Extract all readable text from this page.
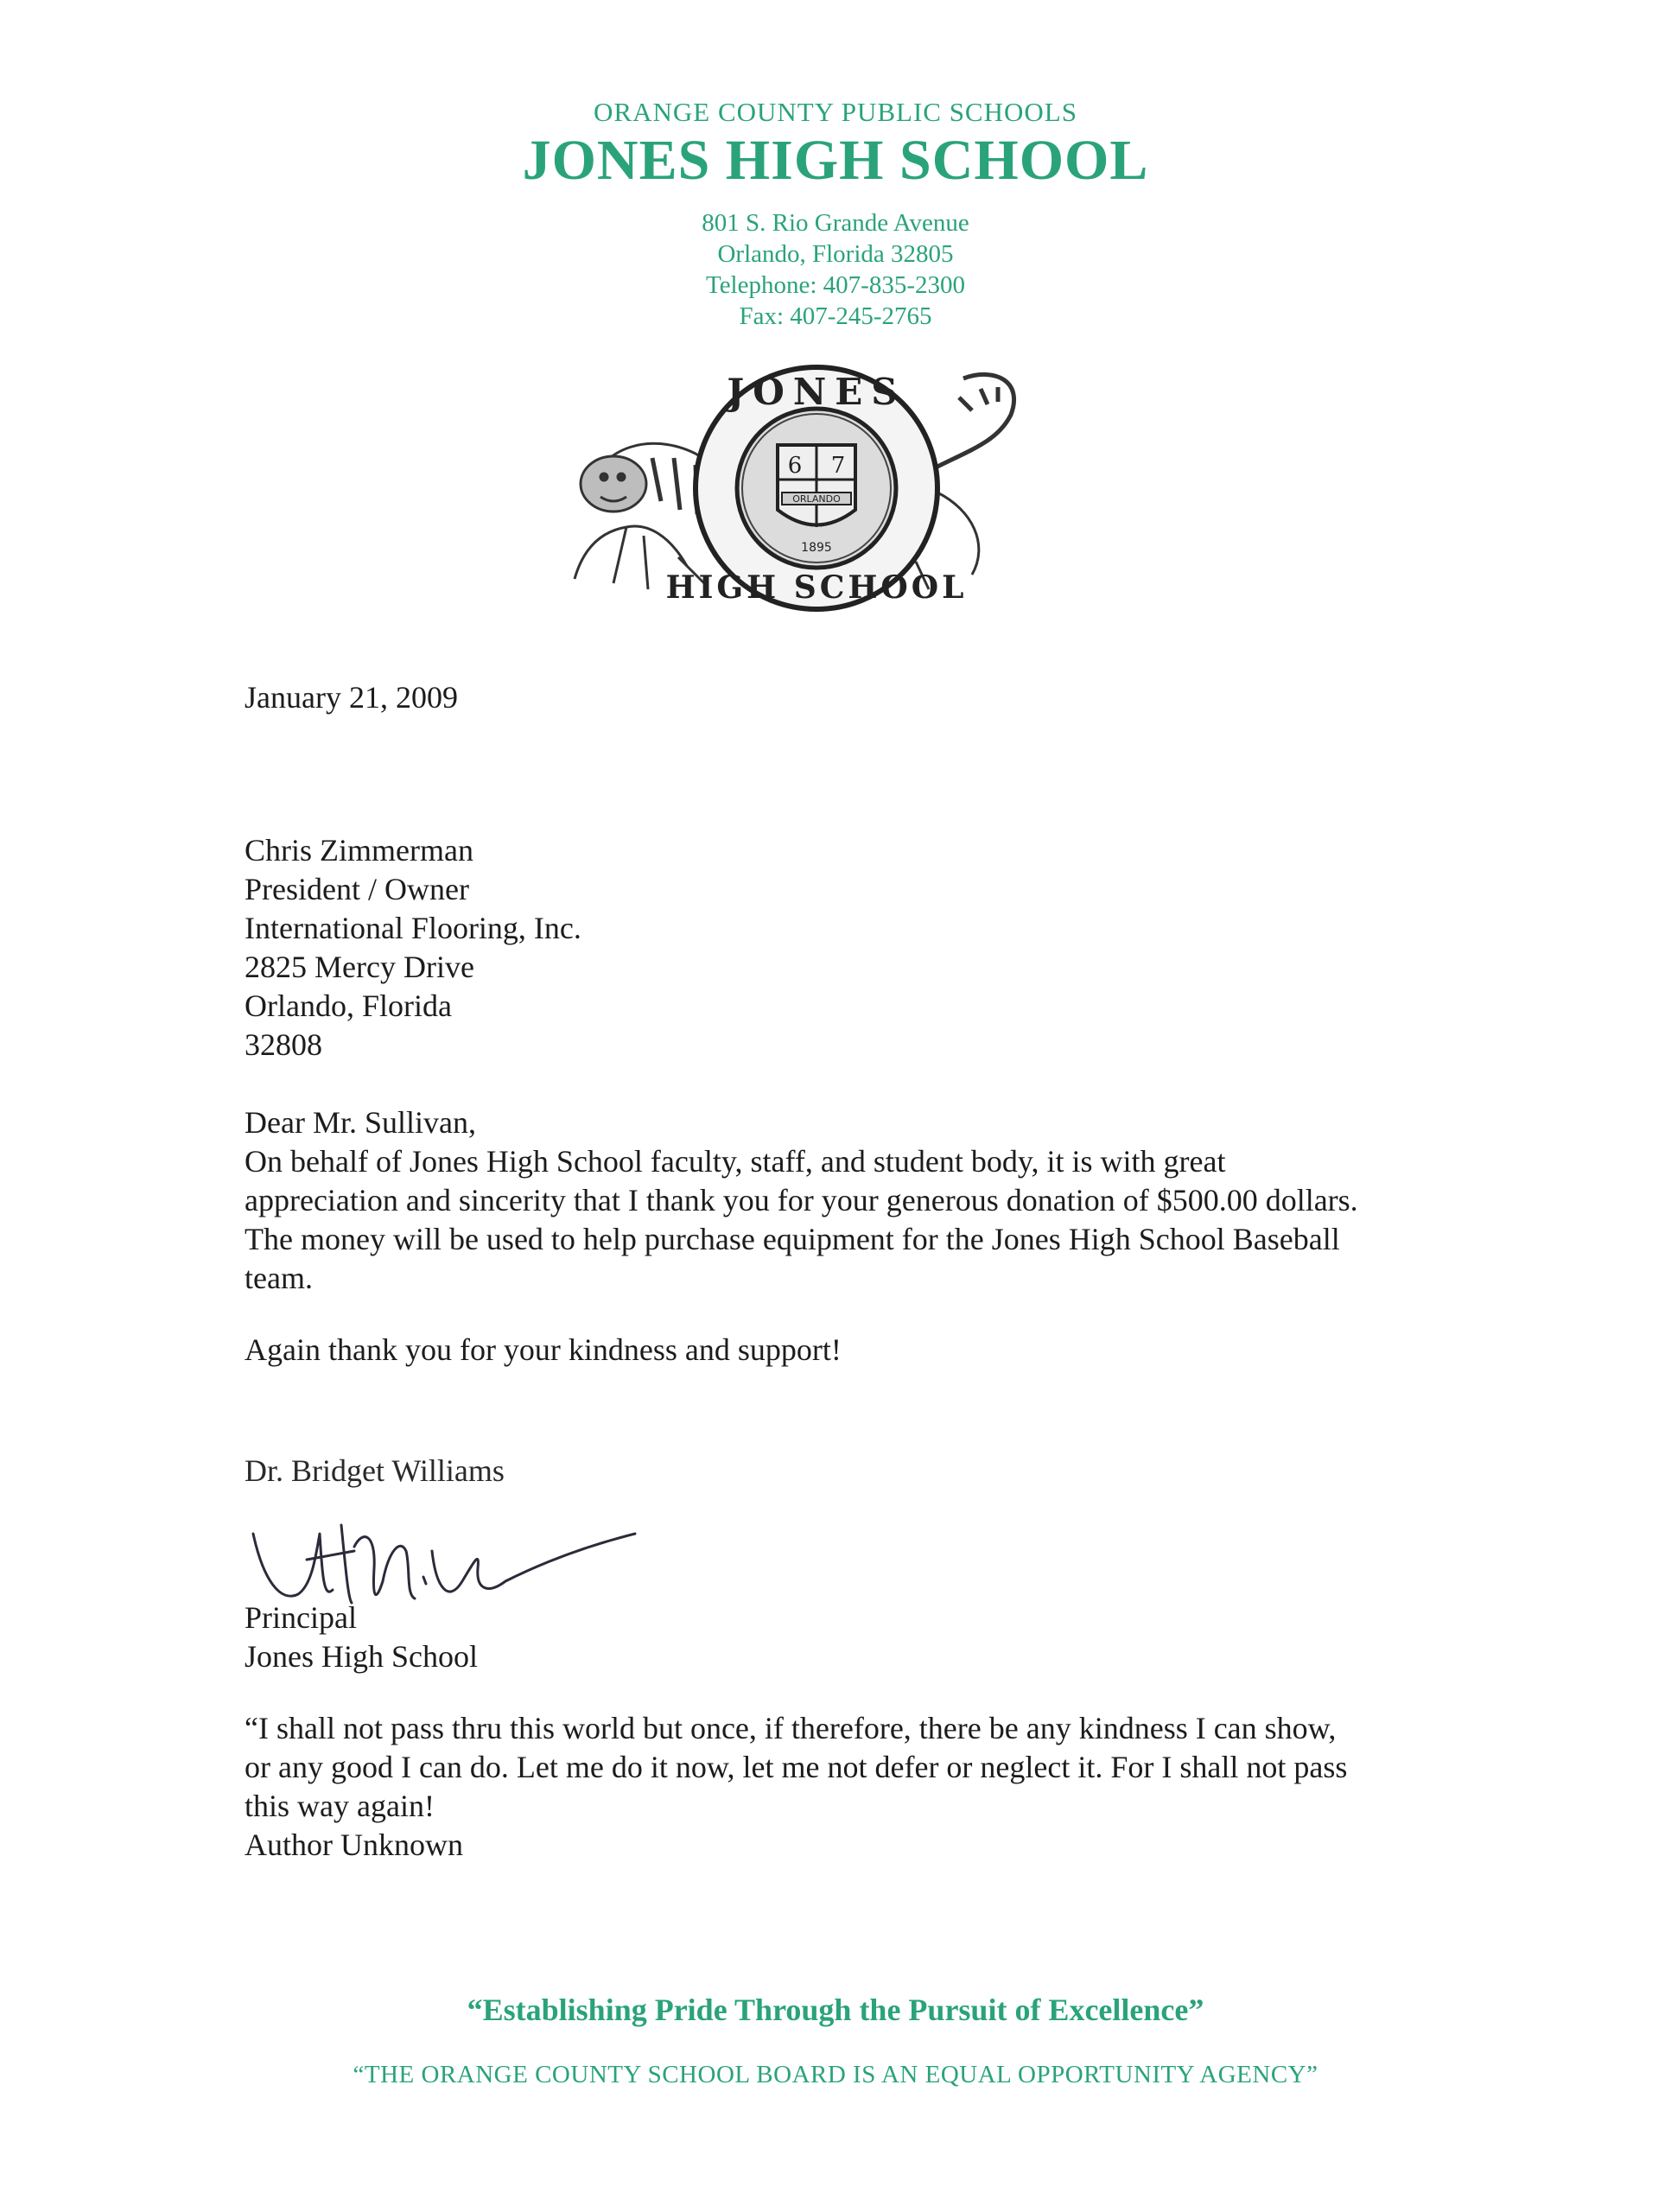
ORANGE COUNTY PUBLIC SCHOOLS
JONES HIGH SCHOOL
801 S. Rio Grande Avenue
Orlando, Florida 32805
Telephone: 407-835-2300
Fax: 407-245-2765
6 7
ORLANDO
1895
JONES
HIGH SCHOOL
January 21, 2009
Chris Zimmerman
President / Owner
International Flooring, Inc.
2825 Mercy Drive
Orlando, Florida
32808
Dear Mr. Sullivan,
On behalf of Jones High School faculty, staff, and student body, it is with great
appreciation and sincerity that I thank you for your generous donation of $500.00 dollars.
The money will be used to help purchase equipment for the Jones High School Baseball
team.
Again thank you for your kindness and support!
Dr. Bridget Williams
Principal
Jones High School
“I shall not pass thru this world but once, if therefore, there be any kindness I can show,
or any good I can do. Let me do it now, let me not defer or neglect it. For I shall not pass
this way again!
Author Unknown
“Establishing Pride Through the Pursuit of Excellence”
“THE ORANGE COUNTY SCHOOL BOARD IS AN EQUAL OPPORTUNITY AGENCY”
